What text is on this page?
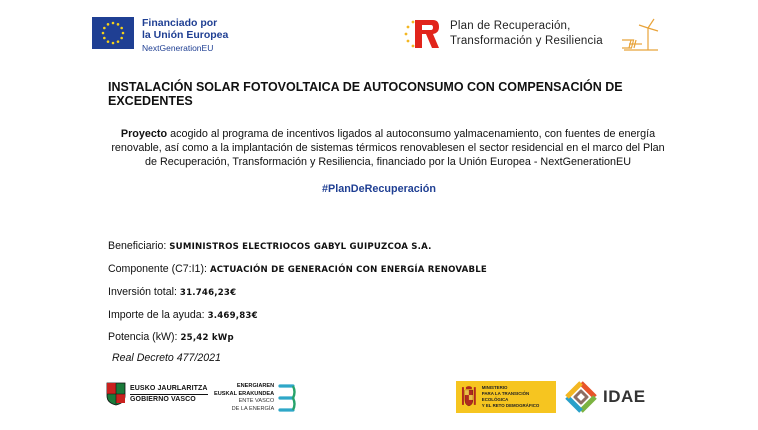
Financiado por
la Unión Europea
NextGenerationEU
Plan de Recuperación,
Transformación y Resiliencia
INSTALACIÓN SOLAR FOTOVOLTAICA DE AUTOCONSUMO CON COMPENSACIÓN DE EXCEDENTES

Proyecto acogido al programa de incentivos ligados al autoconsumo yalmacenamiento, con fuentes de energía renovable, así como a la implantación de sistemas térmicos renovablesen el sector residencial en el marco del Plan de Recuperación, Transformación y Resiliencia, financiado por la Unión Europea - NextGenerationEU

#PlanDeRecuperación
Beneficiario: SUMINISTROS ELECTRIOCOS GABYL GUIPUZCOA S.A.
Componente (C7:I1): ACTUACIÓN DE GENERACIÓN CON ENERGÍA RENOVABLE
Inversión total: 31.746,23€
Importe de la ayuda: 3.469,83€
Potencia (kW): 25,42 kWp
Real Decreto 477/2021
EUSKO JAURLARITZA
GOBIERNO VASCO
ENERGIAREN
EUSKAL ERAKUNDEA
ENTE VASCO
DE LA ENERGÍA
MINISTERIO
PARA LA TRANSICIÓN ECOLÓGICA
Y EL RETO DEMOGRÁFICO	IDAE
